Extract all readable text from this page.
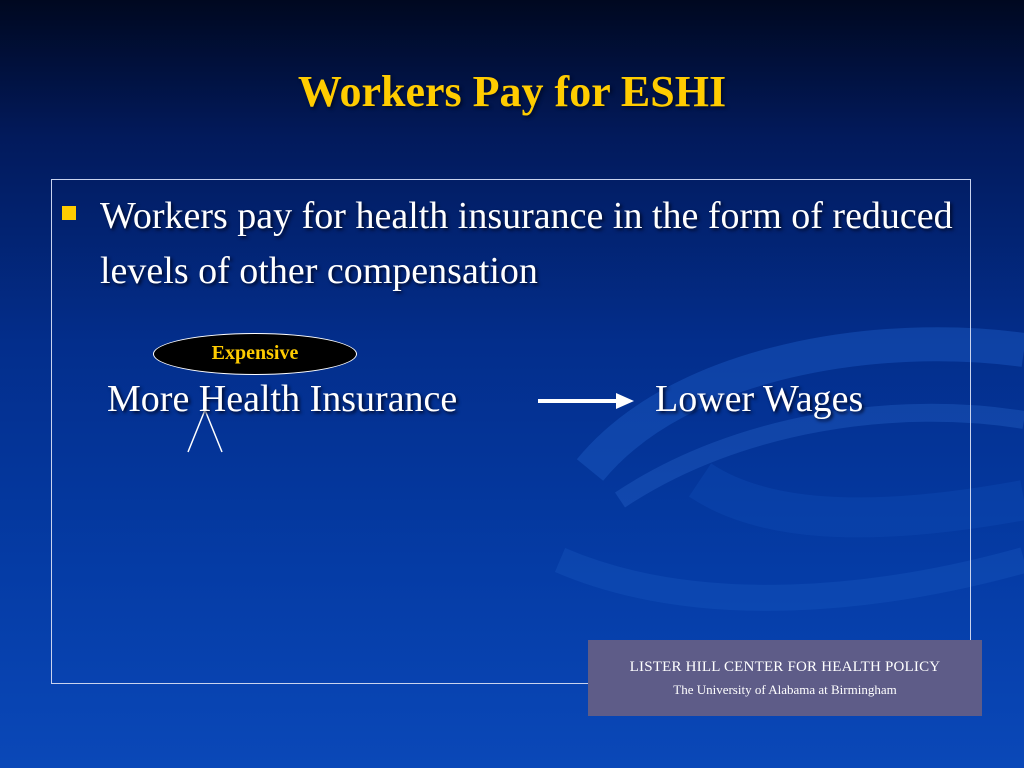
Workers Pay for ESHI
Workers pay for health insurance in the form of reduced levels of other compensation
Expensive
More Health Insurance	Lower Wages
LISTER HILL CENTER FOR HEALTH POLICY
The University of Alabama at Birmingham
